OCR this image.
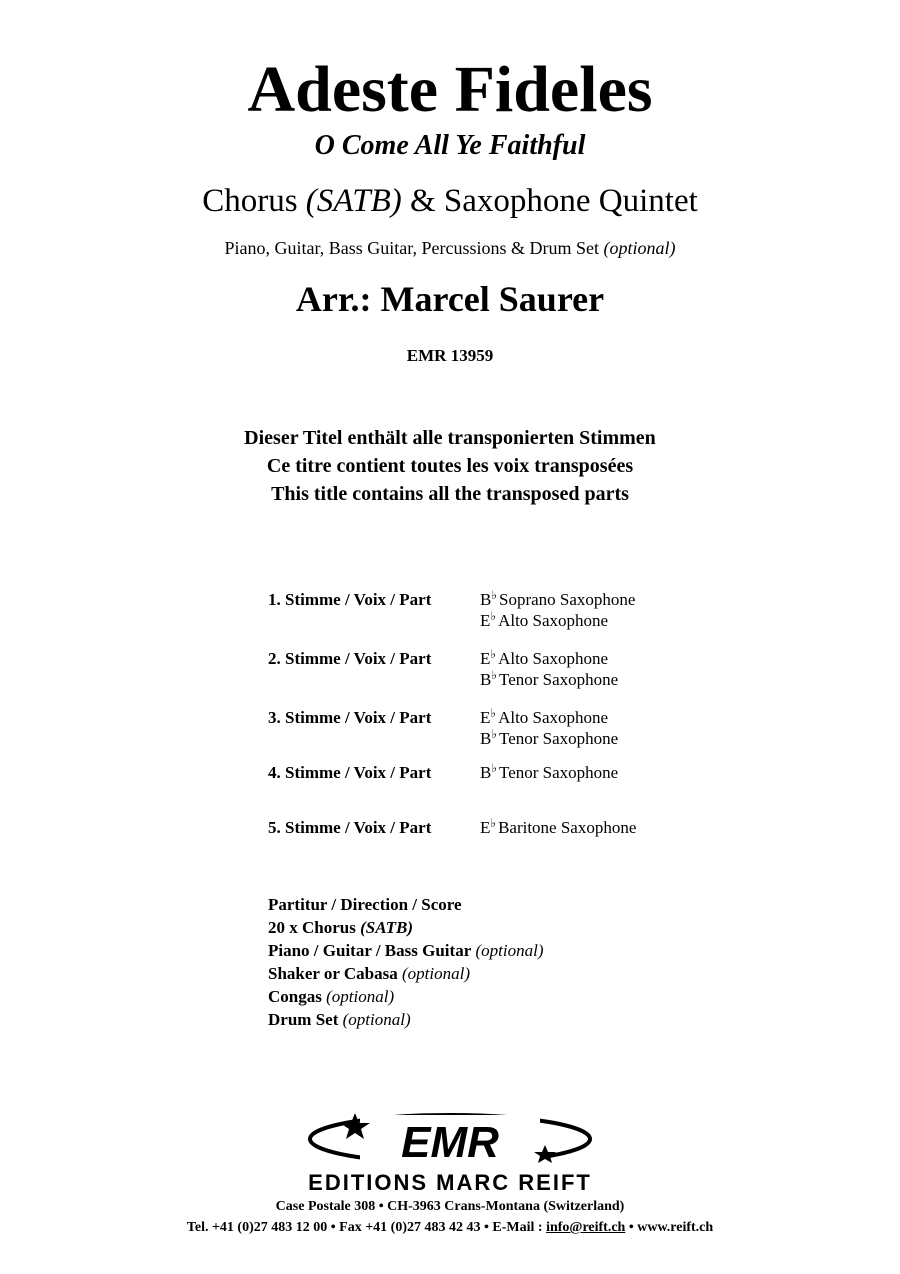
Adeste Fideles
O Come All Ye Faithful
Chorus (SATB) & Saxophone Quintet
Piano, Guitar, Bass Guitar, Percussions & Drum Set (optional)
Arr.: Marcel Saurer
EMR 13959
Dieser Titel enthält alle transponierten Stimmen
Ce titre contient toutes les voix transposées
This title contains all the transposed parts
1. Stimme / Voix / Part	B♭ Soprano Saxophone
E♭ Alto Saxophone
2. Stimme / Voix / Part	E♭ Alto Saxophone
B♭ Tenor Saxophone
3. Stimme / Voix / Part	E♭ Alto Saxophone
B♭ Tenor Saxophone
4. Stimme / Voix / Part	B♭ Tenor Saxophone
5. Stimme / Voix / Part	E♭ Baritone Saxophone
Partitur / Direction / Score
20 x Chorus (SATB)
Piano / Guitar / Bass Guitar (optional)
Shaker or Cabasa (optional)
Congas (optional)
Drum Set (optional)
EMR
EDITIONS MARC REIFT
Case Postale 308 • CH-3963 Crans-Montana (Switzerland)
Tel. +41 (0)27 483 12 00 • Fax +41 (0)27 483 42 43 • E-Mail : info@reift.ch • www.reift.ch
